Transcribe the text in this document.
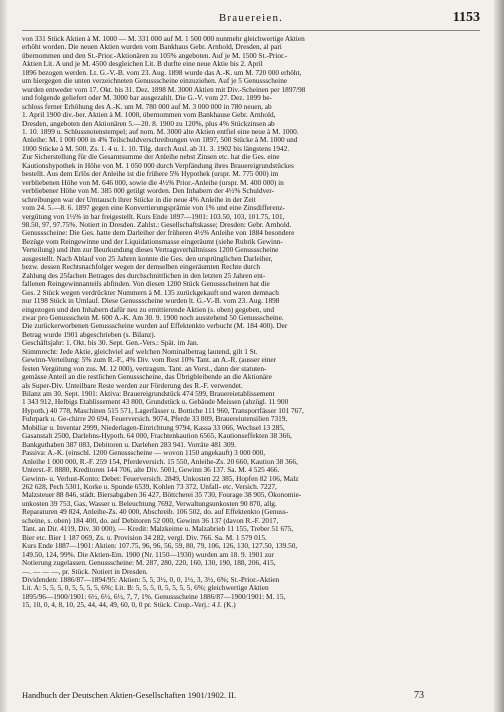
Brauereien.	1153
von 331 Stück Aktien à M. 1000 — M. 331 000 auf M. 1 500 000 nunmehr gleichwertige Aktien
erhöht worden. Die neuen Aktien wurden vom Bankhaus Gebr. Arnhold, Dresden, al pari
übernommen und den St.-Prior.-Aktionären zu 105% angeboten. Auf je M. 1500 St.-Prior.-
Aktien Lit. A und je M. 4500 desgleichen Lit. B durfte eine neue Aktie bis 2. April
1896 bezogen werden. Lt. G.-V.-B. vom 23. Aug. 1898 wurde das A.-K. um M. 720 000 erhöht,
um hiergegen die unten verzeichneten Genussscheine einzuziehen. Auf je 5 Genussscheine
wurden entweder vom 17. Okt. bis 31. Dez. 1898 M. 3000 Aktien mit Div.-Scheinen per 1897/98
und folgende geliefert oder M. 3000 bar ausgezahlt. Die G.-V. vom 27. Dez. 1899 be-
schloss ferner Erhöhung des A.-K. um M. 780 000 auf M. 3 000 000 in 780 neuen, ab
1. April 1900 div.-ber. Aktien à M. 1000, übernommen vom Bankhause Gebr. Arnhold,
Dresden, angeboten den Aktionären 5.—20. 8. 1900 zu 120%, plus 4% Stückzinsen ab
1. 10. 1899 u. Schlussnotenstempel; auf nom. M. 3000 alte Aktien entfiel eine neue à M. 1000.
Anleihe: M. 1 000 000 in 4% Teilschuldverschreibungen von 1897, 500 Stücke à M. 1000 und
1000 Stücke à M. 500. Zs. 1. 4 u. 1. 10. Tilg. durch Ausl. ab 31. 3. 1902 bis längstens 1942.
Zur Sicherstellung für die Gesamtsumme der Anleihe nebst Zinsen etc. hat die Ges. eine
Kautionshypothek in Höhe von M. 1 050 000 durch Verpfändung ihres Brauereigrundstückes
bestellt. Aus dem Erlös der Anleihe ist die frühere 5% Hypothek (urspr. M. 775 000) im
verbliebenen Höhe von M. 646 000, sowie die 4½% Prior.-Anleihe (urspr. M. 400 000) in
verbliebener Höhe von M. 385 000 getilgt worden. Den Inhabern der 4½% Schuldver-
schreibungen war der Umtausch ihrer Stücke in die neue 4% Anleihe in der Zeit
vom 24. 5.—8. 6. 1897 gegen eine Konvertierungsprämie von 1% und eine Zinsdifferenz-
vergütung von 1½% in bar freigestellt. Kurs Ende 1897—1901: 103.50, 103, 101.75, 101,
98.50, 97, 97.75%. Notiert in Dresden. Zahlst.: Gesellschaftskasse; Dresden: Gebr. Arnhold.
Genussscheine: Die Ges. hatte dem Darleiher der früheren 4½% Anleihe von 1884 besondere
Bezüge vom Reingewinne und der Liquidationsmasse eingeräumt (siehe Rubrik Gewinn-
Verteilung) und ihm zur Beurkundung dieses Vertragsverhältnisses 1200 Genussscheine
ausgestellt. Nach Ablauf von 25 Jahren konnte die Ges. den ursprünglichen Darleiher,
bezw. dessen Rechtsnachfolger wegen der demselben eingeräumten Rechte durch
Zahlung des 25fachen Betrages des durchschnittlichen in den letzten 25 Jahren ent-
fallenen Reingewinnanteils abfinden. Von diesen 1200 Stück Genussscheinen hat die
Ges. 2 Stück wegen verdrückter Nummern à M. 135 zurückgekauft und waren demnach
nur 1198 Stück in Umlauf. Diese Genussscheine wurden lt. G.-V.-B. vom 23. Aug. 1898
eingezogen und den Inhabern dafür neu zu emittierende Aktien (s. oben) gegeben, und
zwar pro Genussschein M. 600 A.-K. Am 30. 9. 1900 noch ausstehend 50 Genussscheine.
Die zurückerworbenen Genussscheine wurden auf Effektenkto verbucht (M. 184 400). Der
Betrag wurde 1901 abgeschrieben (s. Bilanz).
Geschäftsjahr: 1. Okt. bis 30. Sept. Gen.-Vers.: Spät. im Jan.
Stimmrecht: Jede Aktie, gleichviel auf welchen Nominalbetrag lautend, gilt 1 St.
Gewinn-Verteilung: 5% zum R.-F., 4% Div. vom Rest 10% Tant. an A.-R. (ausser einer
festen Vergütung von zus. M. 12 000), vertragsm. Tant. an Vorst., dann der statuten-
gemässe Anteil an die restlichen Genussscheine, das Übrigbleibende an die Aktionäre
als Super-Div. Unteilbare Reste werden zur Förderung des R.-F. verwendet.
Bilanz am 30. Sept. 1901: Aktiva: Brauereigrundstück 474 599, Brauereietablissement
1 343 912, Helbigs Etablissement 43 800, Grundstück u. Gebäude Meissen (abzügl. 11 900
Hypoth.) 40 778, Maschinen 515 571, Lagerfässer u. Bottiche 111 960, Transportfässer 101 767,
Fuhrpark u. Ge-chirre 20 694, Feuerversich. 9074, Pferde 33 809, Brauereiutensilien 7319,
Mobiliar u. Inventar 2999, Niederlagen-Einrichtung 9794, Kassa 33 066, Wechsel 13 285,
Gasanstalt 2500, Darlehns-Hypoth. 64 000, Frachtenkaution 6565, Kautionseffekten 38 366,
Bankguthaben 387 083, Debitoren u. Darlehen 283 941. Vorräte 481 309.
Passiva: A.-K. (einschl. 1200 Genussscheine — wovon 1150 angekauft) 3 000 000,
Anleihe 1 000 000, R.-F. 259 154, Pferdeversich. 15 550, Anleihe-Zs. 20 660, Kaution 38 366,
Unterst.-F. 8880, Kreditoren 144 706, alte Div. 5001, Gewinn 36 137. Sa. M. 4 525 466.
Gewinn- u. Verlust-Konto: Debet: Feuerversich. 2849, Unkosten 22 385, Hopfen 82 106, Malz
262 628, Pech 5301, Korke u. Spunde 6539, Kohlen 73 372, Unfall- etc. Versich. 7227,
Malzsteuer 88 846, städt. Biersabgaben 36 427, Böttcherei 35 730, Fourage 38 905, Ökonomie-
unkosten 39 753, Gas, Wasser u. Beleuchtung 7692, Verwaltungsunkosten 90 870, allg.
Reparaturen 49 824, Anleihe-Zs. 40 000, Abschreib. 106 502, do. auf Effektenkto (Genuss-
scheine, s. oben) 184 400, do. auf Debitoren 52 000, Gewinn 36 137 (davon R.-F. 2017,
Tant. an Dir. 4119, Div. 30 000). — Kredit: Malzkeime u. Malzabrieb 11 155, Treber 51 675,
Bier etc. Bier 1 187 069, Zs. u. Provision 34 282, vergl. Div. 766. Sa. M. 1 579 015.
Kurs Ende 1887—1901: Aktien: 107.75, 96, 96, 56, 59, 80, 79, 106, 126, 130, 127.50, 139.50,
149.50, 124, 99%. Die Aktien-Em. 1900 (Nr. 1150—1930) wurden am 18. 9. 1901 zur
Notierung zugelassen. Genussscheine: M. 287, 280, 220, 160, 130, 190, 188, 206, 415,
—. — — —, pr. Stück. Notiert in Dresden.
Dividenden: 1886/87—1894/95: Aktien: 5, 5, 3½, 0, 0, 1½, 3, 3½, 6%; St.-Prior.-Aktien
Lit. A: 5, 5, 5, 0, 5, 5, 5, 5, 6%; Lit. B: 5, 5, 5, 0, 5, 5, 5, 5, 6%; gleichwertige Aktien
1895/96—1900/1901: 6½, 6½, 6½, 7, 7, 1%. Genussscheine 1886/87—1900/1901: M. 15,
15, 10, 0, 4, 8, 10, 25, 44, 44, 49, 60, 0, 0 pr. Stück. Coup.-Verj.: 4 J. (K.)
Handbuch der Deutschen Aktien-Gesellschaften 1901/1902. II.	73
